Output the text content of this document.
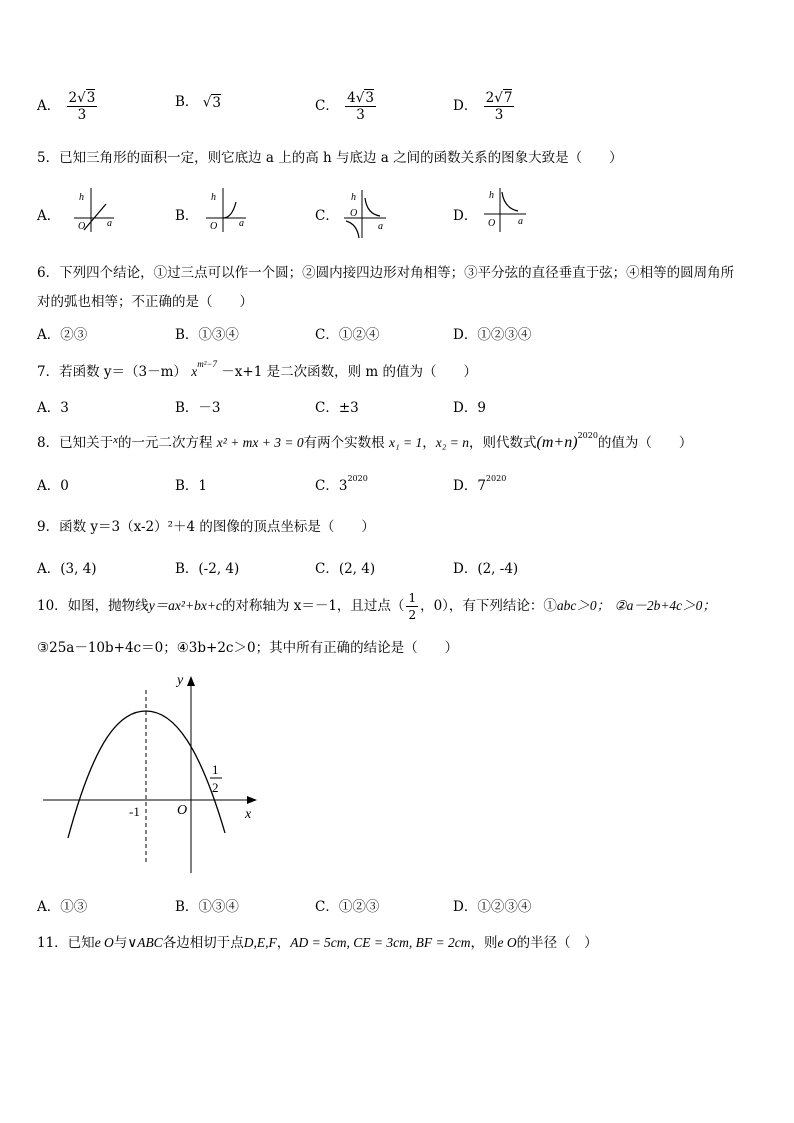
A． $\frac{2√3}{3}$	B． √3	C． $\frac{4√3}{3}$	D． $\frac{2√7}{3}$
5．已知三角形的面积一定，则它底边 a 上的高 h 与底边 a 之间的函数关系的图象大致是（　　）
A．
h
a
O
B．
h
a
O
C．
h
a
O	D．
h
a
O
6．下列四个结论，①过三点可以作一个圆；②圆内接四边形对角相等；③平分弦的直径垂直于弦；④相等的圆周角所
对的弧也相等；不正确的是（　　）
A．②③	B．①③④	C．①②④	D．①②③④
7．若函数 y＝（3－m） $x^{m^2-7} -x+1$ 是二次函数，则 m 的值为（　　）
A．3	B．－3	C．±3	D．9
8．已知关于$^x$的一元二次方程 x² + mx + 3 = 0有两个实数根 x₁ = 1，x₂ = n，则代数式$(m+n)^{2020}$的值为（　　）
A．0	B．1	C．$3^{2020}$	D．$7^{2020}$
9．函数 y＝3（x-2）²＋4 的图像的顶点坐标是（　　）
A．(3, 4)	B．(-2, 4)	C．(2, 4)	D．(2, -4)
10．如图，抛物线y＝ax²+bx+c的对称轴为 x＝－1，且过点（ $\frac{1}{2}$ ，0），有下列结论：①abc＞0； ②a－2b+4c＞0；
③25a－10b+4c＝0；④3b+2c＞0；其中所有正确的结论是（　　）
y
x
O
-1
1
2
A．①③	B．①③④	C．①②③	D．①②③④
11．已知e O与∨ABC各边相切于点D,E,F，AD = 5cm, CE = 3cm, BF = 2cm，则e O的半径（　）
